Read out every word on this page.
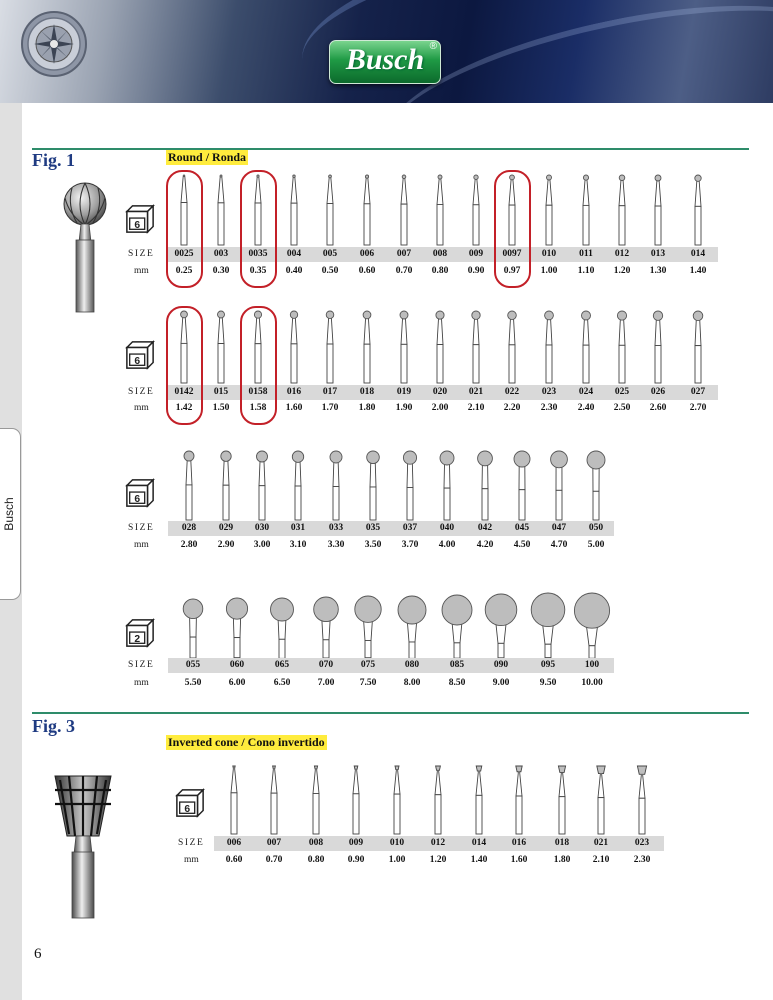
Busch ®
Busch
Fig. 1	Round / Ronda
SIZE
mm
0025
0.25
003
0.30
0035
0.35
004
0.40
005
0.50
006
0.60
007
0.70
008
0.80
009
0.90
0097
0.97
010
1.00
011
1.10
012
1.20
013
1.30
014
1.40
6
SIZE
mm
0142
1.42
015
1.50
0158
1.58
016
1.60
017
1.70
018
1.80
019
1.90
020
2.00
021
2.10
022
2.20
023
2.30
024
2.40
025
2.50
026
2.60
027
2.70
6
SIZE
mm
028
2.80
029
2.90
030
3.00
031
3.10
033
3.30
035
3.50
037
3.70
040
4.00
042
4.20
045
4.50
047
4.70
050
5.00
6
SIZE
mm
055
5.50
060
6.00
065
6.50
070
7.00
075
7.50
080
8.00
085
8.50
090
9.00
095
9.50
100
10.00
2
Fig. 3
Inverted cone / Cono invertido
SIZE
mm
006
0.60
007
0.70
008
0.80
009
0.90
010
1.00
012
1.20
014
1.40
016
1.60
018
1.80
021
2.10
023
2.30
6
6
